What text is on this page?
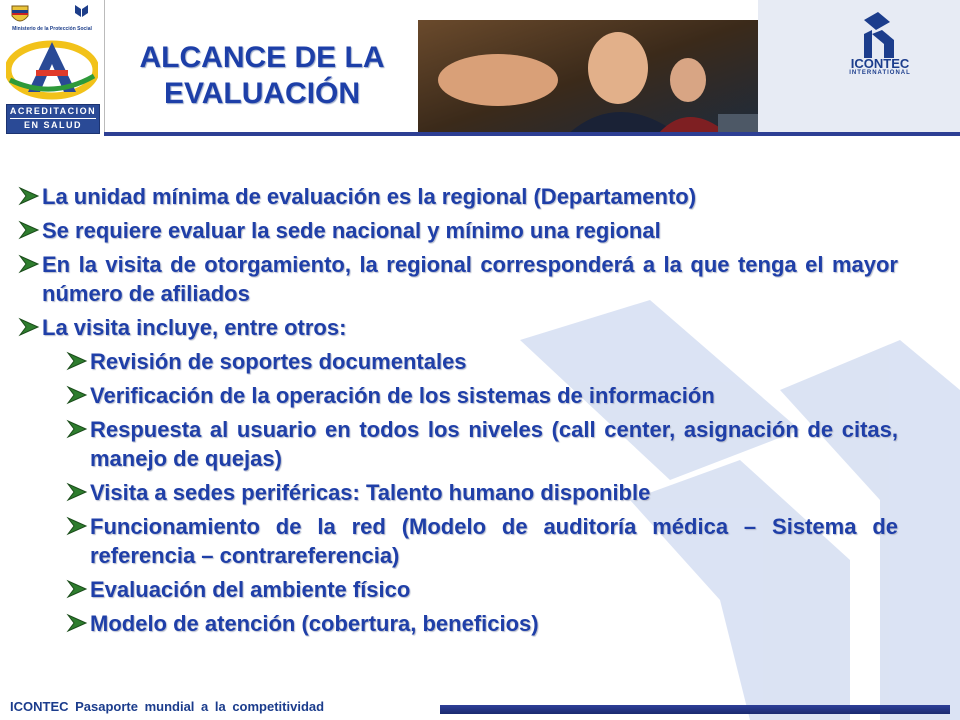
Ministerio de la Protección Social
ACREDITACION
EN SALUD
ALCANCE DE LA
EVALUACIÓN
ICONTEC
INTERNATIONAL
La unidad mínima de evaluación es la regional (Departamento)
Se requiere evaluar la sede nacional y mínimo una regional
En la visita de otorgamiento, la regional corresponderá a la que tenga el mayor número de afiliados
La visita incluye, entre otros:
Revisión de soportes documentales
Verificación de la operación de los sistemas de información
Respuesta al usuario en todos los niveles (call center, asignación de citas, manejo de quejas)
Visita a sedes periféricas: Talento humano disponible
Funcionamiento de la red (Modelo de auditoría médica – Sistema de referencia – contrareferencia)
Evaluación del ambiente físico
Modelo de atención (cobertura, beneficios)
ICONTEC Pasaporte mundial a la competitividad
